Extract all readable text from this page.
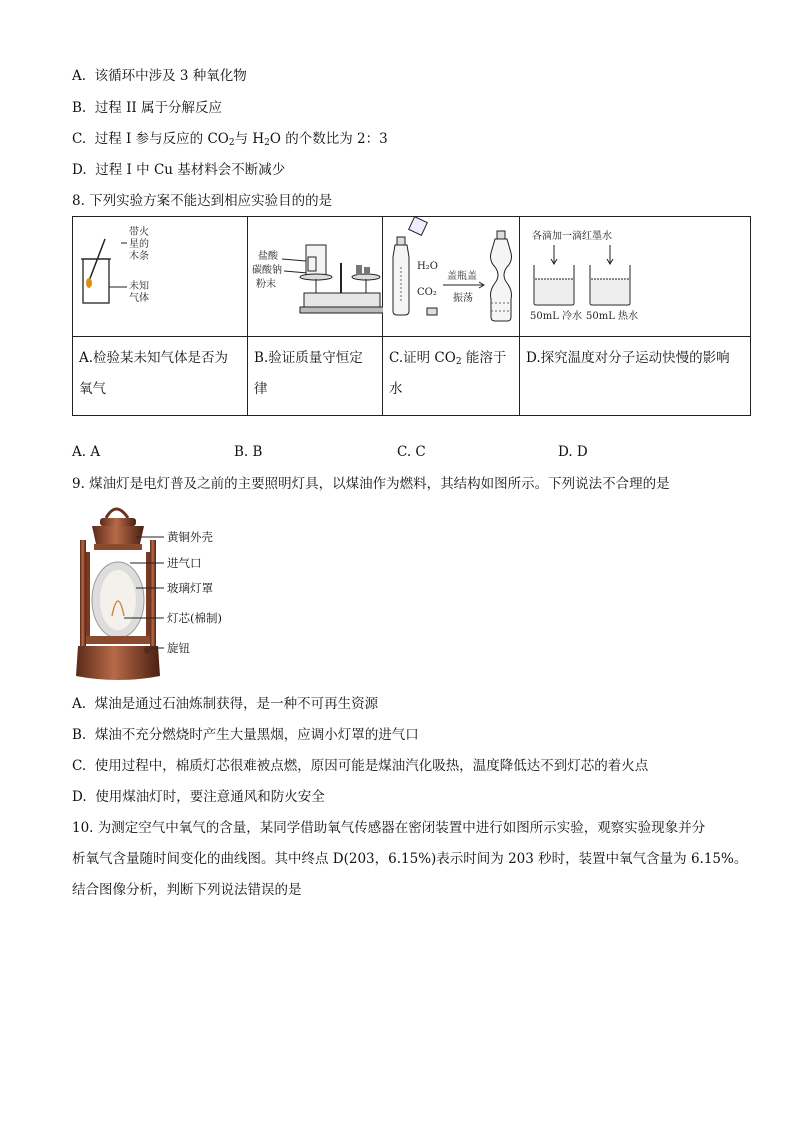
A. 该循环中涉及 3 种氧化物
B. 过程 II 属于分解反应
C. 过程 I 参与反应的 $CO_2$与 $H_2O$ 的个数比为 2：3
D. 过程 I 中 Cu 基材料会不断减少
8. 下列实验方案不能达到相应实验目的的是
带火
星的
木条
未知
气体	盐酸
碳酸钠
粉末	H₂O
CO₂
盖瓶盖
振荡	各滴加一滴红墨水
50mL 冷水 50mL 热水

A.检验某未知气体是否为氧气	B.验证质量守恒定律	C.证明 $CO_2$ 能溶于水	D.探究温度对分子运动快慢的影响
A. A	B. B	C. C	D. D
9. 煤油灯是电灯普及之前的主要照明灯具，以煤油作为燃料，其结构如图所示。下列说法不合理的是
黄铜外壳
进气口
玻璃灯罩
灯芯(棉制)
旋钮
A. 煤油是通过石油炼制获得，是一种不可再生资源
B. 煤油不充分燃烧时产生大量黑烟，应调小灯罩的进气口
C. 使用过程中，棉质灯芯很难被点燃，原因可能是煤油汽化吸热，温度降低达不到灯芯的着火点
D. 使用煤油灯时，要注意通风和防火安全
10. 为测定空气中氧气的含量，某同学借助氧气传感器在密闭装置中进行如图所示实验，观察实验现象并分
析氧气含量随时间变化的曲线图。其中终点 D(203，6.15%)表示时间为 203 秒时，装置中氧气含量为 6.15%。
结合图像分析，判断下列说法错误的是
